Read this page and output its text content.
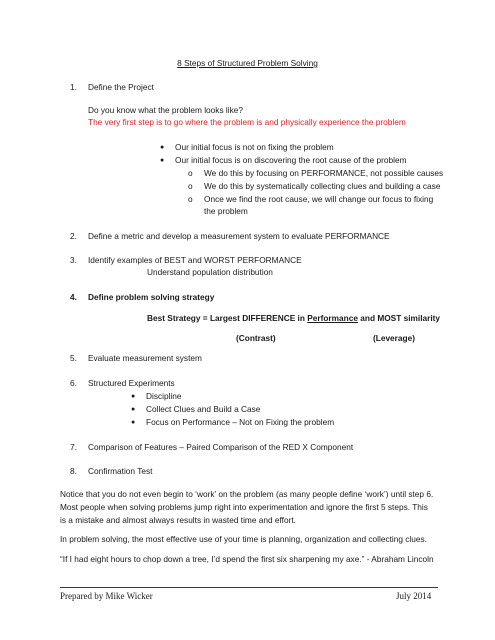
8 Steps of Structured Problem Solving
1.	Define the Project
Do you know what the problem looks like?
The very first step is to go where the problem is and physically experience the problem
● Our initial focus is not on fixing the problem
● Our initial focus is on discovering the root cause of the problem
o We do this by focusing on PERFORMANCE, not possible causes
o We do this by systematically collecting clues and building a case
o Once we find the root cause, we will change our focus to fixing
the problem
2.	Define a metric and develop a measurement system to evaluate PERFORMANCE
3.	Identify examples of BEST and WORST PERFORMANCE
Understand population distribution
4.	Define problem solving strategy
Best Strategy = Largest DIFFERENCE in Performance and MOST similarity
(Contrast)	(Leverage)
5.	Evaluate measurement system
6.	Structured Experiments
● Discipline
● Collect Clues and Build a Case
● Focus on Performance – Not on Fixing the problem
7.	Comparison of Features – Paired Comparison of the RED X Component
8.	Confirmation Test
Notice that you do not even begin to ‘work’ on the problem (as many people define ‘work’) until step 6.
Most people when solving problems jump right into experimentation and ignore the first 5 steps. This
is a mistake and almost always results in wasted time and effort.
In problem solving, the most effective use of your time is planning, organization and collecting clues.
“If I had eight hours to chop down a tree, I’d spend the first six sharpening my axe.” - Abraham Lincoln
Prepared by Mike Wicker	July 2014
